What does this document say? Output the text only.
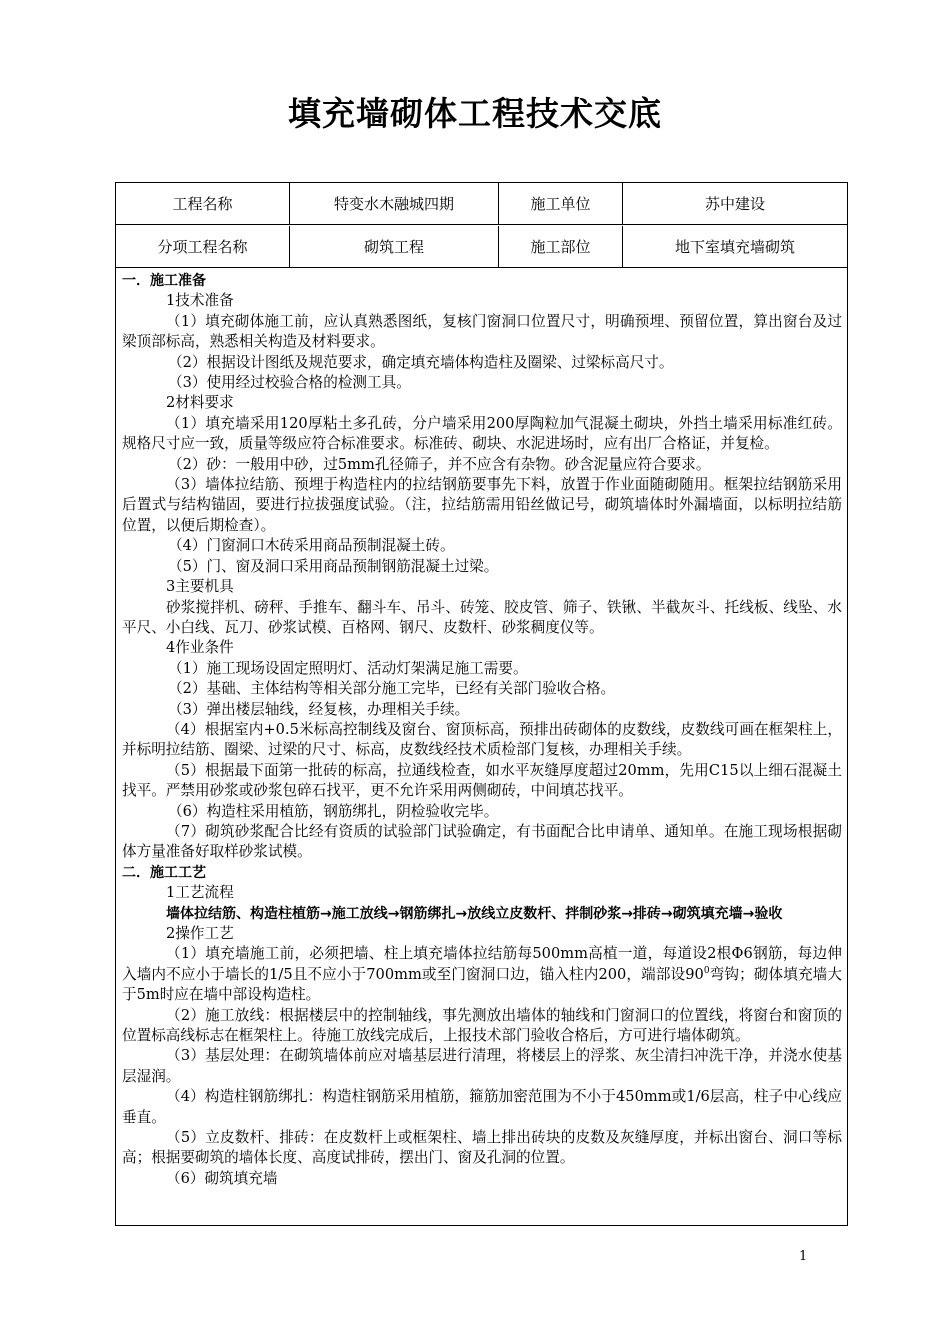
填充墙砌体工程技术交底
工程名称	特变水木融城四期	施工单位	苏中建设
分项工程名称	砌筑工程	施工部位	地下室填充墙砌筑

一．施工准备

1技术准备

（1）填充砌体施工前，应认真熟悉图纸，复核门窗洞口位置尺寸，明确预埋、预留位置，算出窗台及过梁顶部标高，熟悉相关构造及材料要求。

（2）根据设计图纸及规范要求，确定填充墙体构造柱及圈梁、过梁标高尺寸。

（3）使用经过校验合格的检测工具。

2材料要求

（1）填充墙采用120厚粘土多孔砖，分户墙采用200厚陶粒加气混凝土砌块，外挡土墙采用标准红砖。规格尺寸应一致，质量等级应符合标准要求。标准砖、砌块、水泥进场时，应有出厂合格证，并复检。

（2）砂：一般用中砂，过5mm孔径筛子，并不应含有杂物。砂含泥量应符合要求。

（3）墙体拉结筋、预埋于构造柱内的拉结钢筋要事先下料，放置于作业面随砌随用。框架拉结钢筋采用后置式与结构锚固，要进行拉拔强度试验。（注，拉结筋需用铅丝做记号，砌筑墙体时外漏墙面，以标明拉结筋位置，以便后期检查）。

（4）门窗洞口木砖采用商品预制混凝土砖。

（5）门、窗及洞口采用商品预制钢筋混凝土过梁。

3主要机具

砂浆搅拌机、磅秤、手推车、翻斗车、吊斗、砖笼、胶皮管、筛子、铁锹、半截灰斗、托线板、线坠、水平尺、小白线、瓦刀、砂浆试模、百格网、钢尺、皮数杆、砂浆稠度仪等。

4作业条件

（1）施工现场设固定照明灯、活动灯架满足施工需要。

（2）基础、主体结构等相关部分施工完毕，已经有关部门验收合格。

（3）弹出楼层轴线，经复核，办理相关手续。

（4）根据室内+0.5米标高控制线及窗台、窗顶标高，预排出砖砌体的皮数线，皮数线可画在框架柱上，并标明拉结筋、圈梁、过梁的尺寸、标高，皮数线经技术质检部门复核，办理相关手续。

（5）根据最下面第一批砖的标高，拉通线检查，如水平灰缝厚度超过20mm，先用C15以上细石混凝土找平。严禁用砂浆或砂浆包碎石找平，更不允许采用两侧砌砖，中间填芯找平。

（6）构造柱采用植筋，钢筋绑扎，阴检验收完毕。

（7）砌筑砂浆配合比经有资质的试验部门试验确定，有书面配合比申请单、通知单。在施工现场根据砌体方量准备好取样砂浆试模。

二．施工工艺

1工艺流程

墙体拉结筋、构造柱植筋→施工放线→钢筋绑扎→放线立皮数杆、拌制砂浆→排砖→砌筑填充墙→验收

2操作工艺

（1）填充墙施工前，必须把墙、柱上填充墙体拉结筋每500mm高植一道，每道设2根Φ6钢筋，每边伸入墙内不应小于墙长的1/5且不应小于700mm或至门窗洞口边，锚入柱内200，端部设$90^0$弯钩；砌体填充墙大于5m时应在墙中部设构造柱。

（2）施工放线：根据楼层中的控制轴线，事先测放出墙体的轴线和门窗洞口的位置线，将窗台和窗顶的位置标高线标志在框架柱上。待施工放线完成后，上报技术部门验收合格后，方可进行墙体砌筑。

（3）基层处理：在砌筑墙体前应对墙基层进行清理，将楼层上的浮浆、灰尘清扫冲洗干净，并浇水使基层湿润。

（4）构造柱钢筋绑扎：构造柱钢筋采用植筋，箍筋加密范围为不小于450mm或1/6层高，柱子中心线应垂直。

（5）立皮数杆、排砖：在皮数杆上或框架柱、墙上排出砖块的皮数及灰缝厚度，并标出窗台、洞口等标高；根据要砌筑的墙体长度、高度试排砖，摆出门、窗及孔洞的位置。

（6）砌筑填充墙

1
